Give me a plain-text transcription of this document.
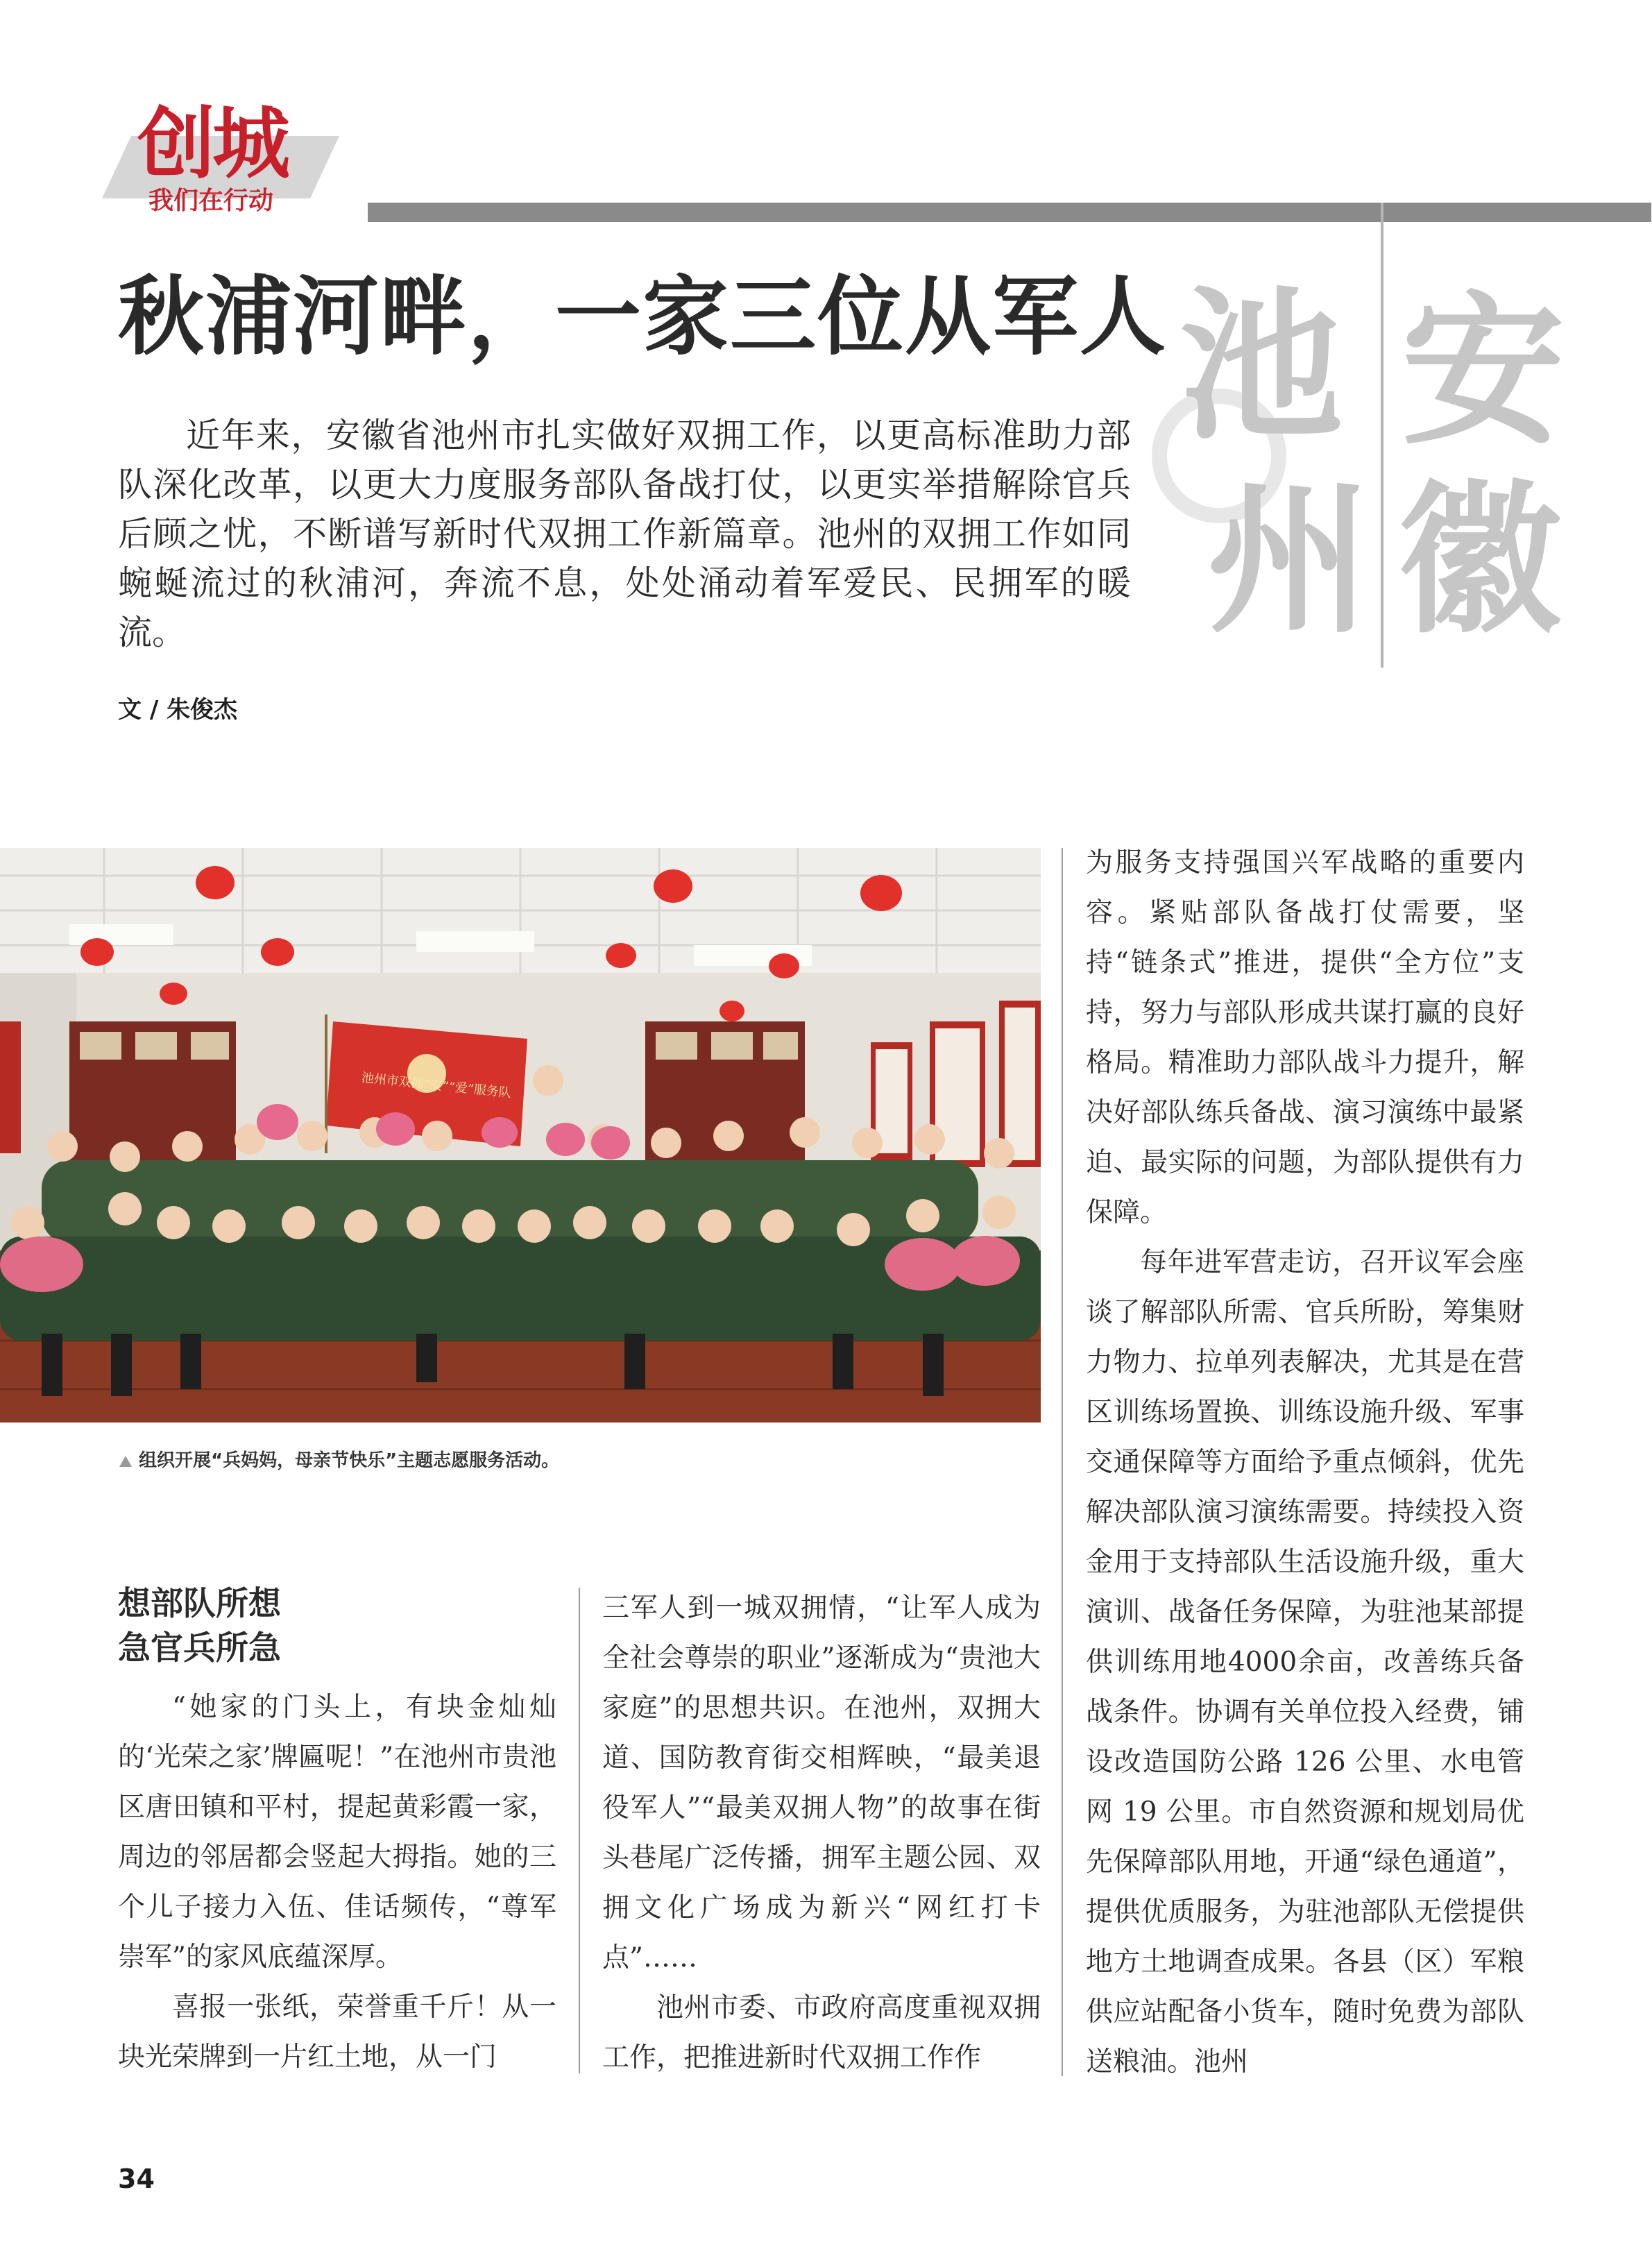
创城
我们在行动
池 安
州 徽
秋浦河畔，一家三位从军人

近年来，安徽省池州市扎实做好双拥工作，以更高标准助力部队深化改革，以更大力度服务部队备战打仗，以更实举措解除官兵后顾之忧，不断谱写新时代双拥工作新篇章。池州的双拥工作如同蜿蜒流过的秋浦河，奔流不息，处处涌动着军爱民、民拥军的暖流。

文 / 朱俊杰
池州市双拥“安”“爱”服务队
组织开展“兵妈妈，母亲节快乐”主题志愿服务活动。
想部队所想
急官兵所急

“她家的门头上，有块金灿灿的‘光荣之家’牌匾呢！”在池州市贵池区唐田镇和平村，提起黄彩霞一家，周边的邻居都会竖起大拇指。她的三个儿子接力入伍、佳话频传，“尊军崇军”的家风底蕴深厚。

喜报一张纸，荣誉重千斤！从一块光荣牌到一片红土地，从一门

三军人到一城双拥情，“让军人成为全社会尊崇的职业”逐渐成为“贵池大家庭”的思想共识。在池州，双拥大道、国防教育街交相辉映，“最美退役军人”“最美双拥人物”的故事在街头巷尾广泛传播，拥军主题公园、双拥文化广场成为新兴“网红打卡点”……

池州市委、市政府高度重视双拥工作，把推进新时代双拥工作作

为服务支持强国兴军战略的重要内容。紧贴部队备战打仗需要，坚持“链条式”推进，提供“全方位”支持，努力与部队形成共谋打赢的良好格局。精准助力部队战斗力提升，解决好部队练兵备战、演习演练中最紧迫、最实际的问题，为部队提供有力保障。

每年进军营走访，召开议军会座谈了解部队所需、官兵所盼，筹集财力物力、拉单列表解决，尤其是在营区训练场置换、训练设施升级、军事交通保障等方面给予重点倾斜，优先解决部队演习演练需要。持续投入资金用于支持部队生活设施升级，重大演训、战备任务保障，为驻池某部提供训练用地4000余亩，改善练兵备战条件。协调有关单位投入经费，铺设改造国防公路 126 公里、水电管网 19 公里。市自然资源和规划局优先保障部队用地，开通“绿色通道”，提供优质服务，为驻池部队无偿提供地方土地调查成果。各县（区）军粮供应站配备小货车，随时免费为部队送粮油。池州

34
